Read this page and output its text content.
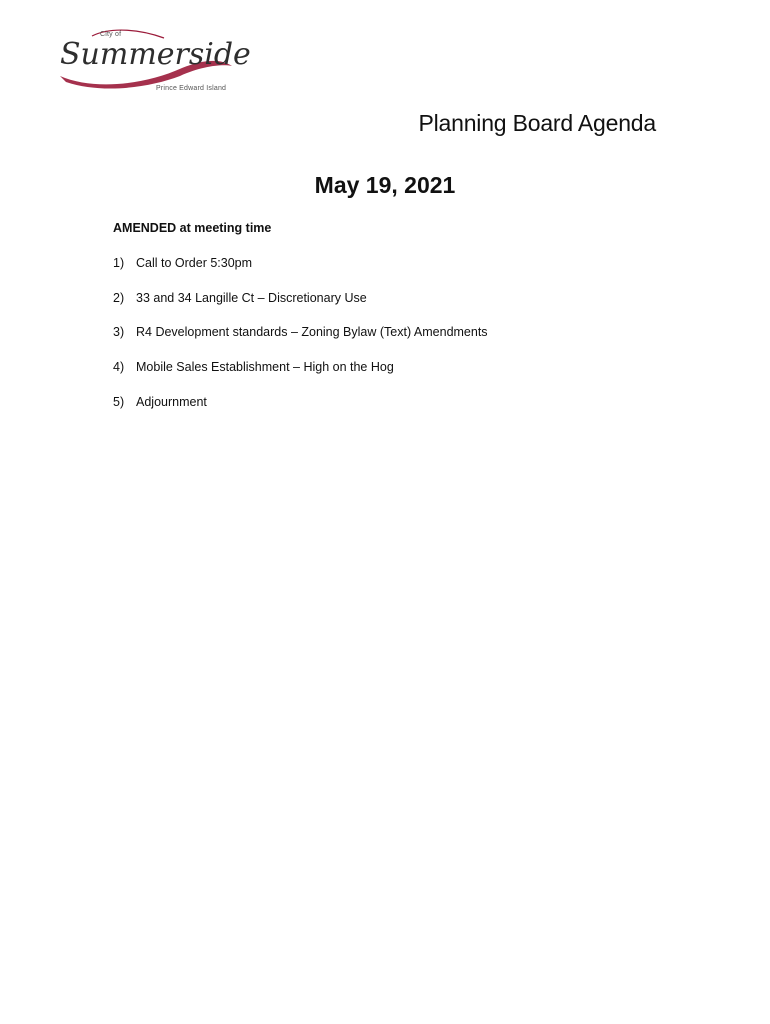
City of
Summerside
Prince Edward Island
Planning Board Agenda
May 19, 2021

AMENDED at meeting time

1) Call to Order 5:30pm
2) 33 and 34 Langille Ct – Discretionary Use
3) R4 Development standards – Zoning Bylaw (Text) Amendments
4) Mobile Sales Establishment – High on the Hog
5) Adjournment
